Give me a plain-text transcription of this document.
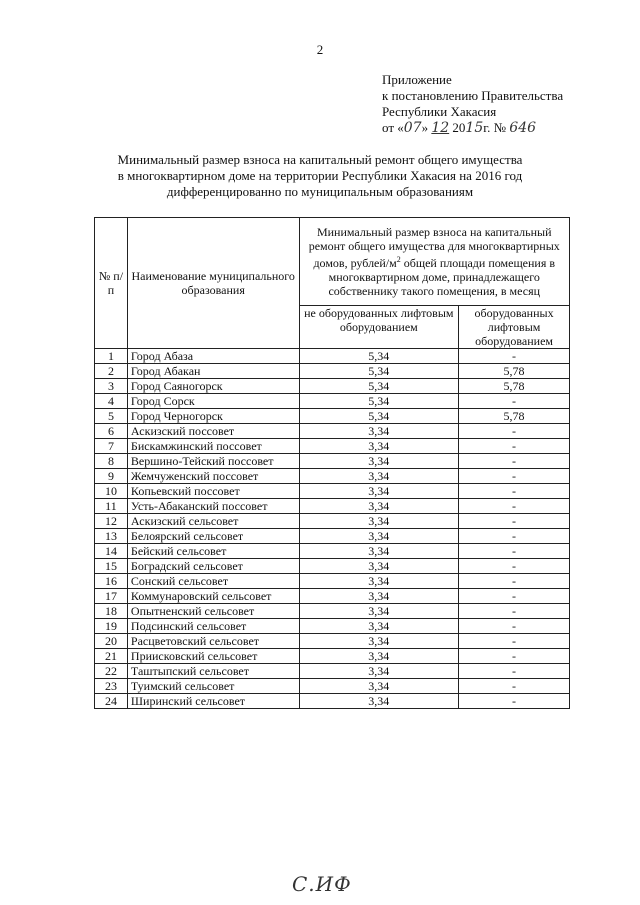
2
Приложение
к постановлению Правительства
Республики Хакасия
от «07» 12 2015г. № 646
Минимальный размер взноса на капитальный ремонт общего имущества
в многоквартирном доме на территории Республики Хакасия на 2016 год
дифференцированно по муниципальным образованиям
№ п/п	Наименование муниципального образования	Минимальный размер взноса на капитальный ремонт общего имущества для многоквартирных домов, рублей/$м^2$ общей площади помещения в многоквартирном доме, принадлежащего собственнику такого помещения, в месяц	
		не оборудованных лифтовым оборудованием	оборудованных лифтовым оборудованием
1	Город Абаза	5,34	-
2	Город Абакан	5,34	5,78
3	Город Саяногорск	5,34	5,78
4	Город Сорск	5,34	-
5	Город Черногорск	5,34	5,78
6	Аскизский поссовет	3,34	-
7	Бискамжинский поссовет	3,34	-
8	Вершино-Тейский поссовет	3,34	-
9	Жемчуженский поссовет	3,34	-
10	Копьевский поссовет	3,34	-
11	Усть-Абаканский поссовет	3,34	-
12	Аскизский сельсовет	3,34	-
13	Белоярский сельсовет	3,34	-
14	Бейский сельсовет	3,34	-
15	Боградский сельсовет	3,34	-
16	Сонский сельсовет	3,34	-
17	Коммунаровский сельсовет	3,34	-
18	Опытненский сельсовет	3,34	-
19	Подсинский сельсовет	3,34	-
20	Расцветовский сельсовет	3,34	-
21	Приисковский сельсовет	3,34	-
22	Таштыпский сельсовет	3,34	-
23	Туимский сельсовет	3,34	-
24	Ширинский сельсовет	3,34	-
С.ИФ
